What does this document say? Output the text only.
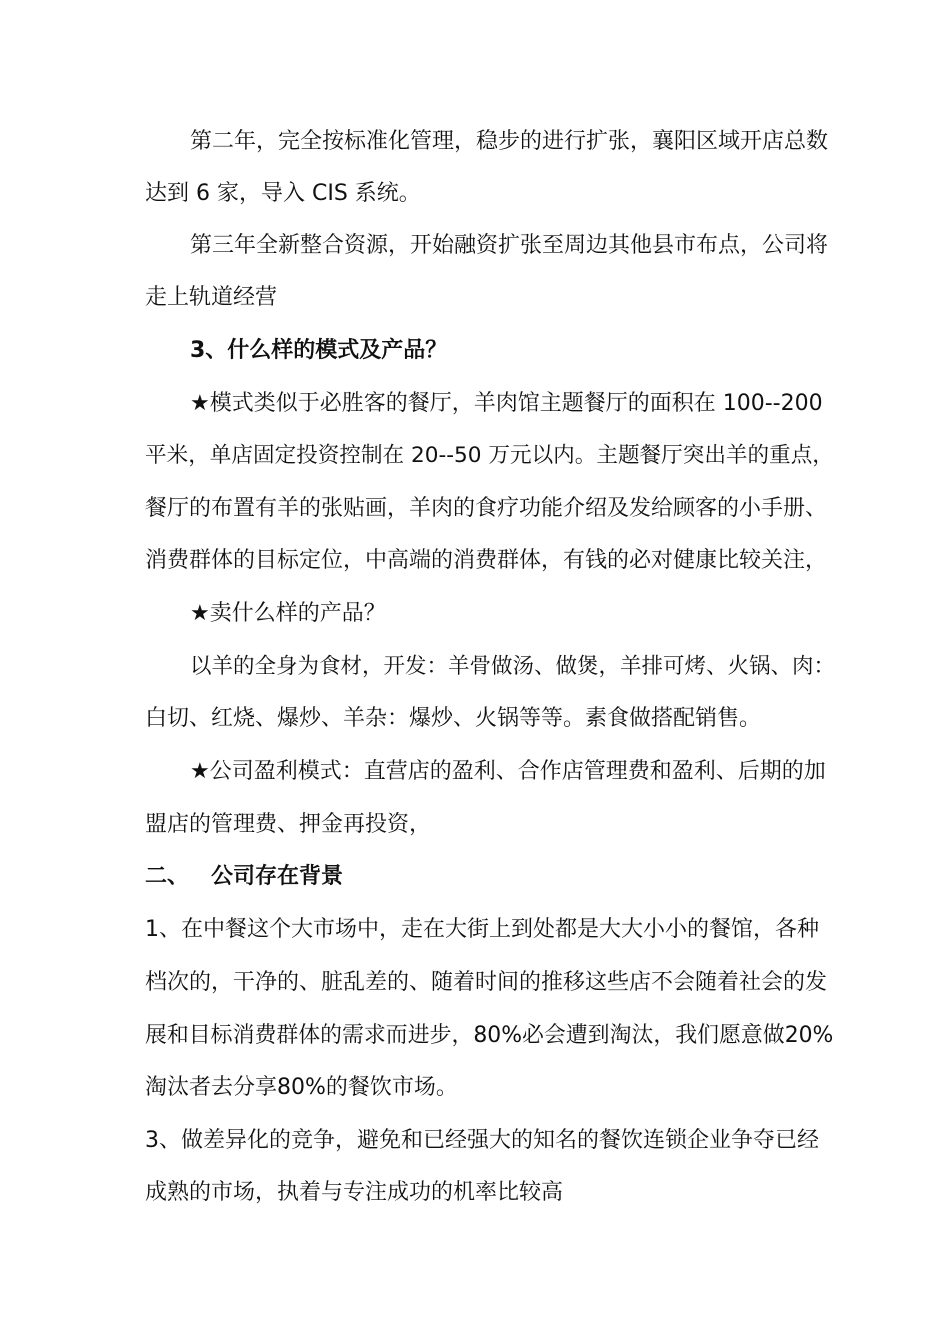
第二年，完全按标准化管理，稳步的进行扩张，襄阳区域开店总数
达到 6 家，导入 CIS 系统。
第三年全新整合资源，开始融资扩张至周边其他县市布点，公司将
走上轨道经营
3、什么样的模式及产品？
★模式类似于必胜客的餐厅，羊肉馆主题餐厅的面积在 100--200
平米，单店固定投资控制在 20--50 万元以内。主题餐厅突出羊的重点，
餐厅的布置有羊的张贴画，羊肉的食疗功能介绍及发给顾客的小手册、
消费群体的目标定位，中高端的消费群体，有钱的必对健康比较关注，
★卖什么样的产品？
以羊的全身为食材，开发：羊骨做汤、做煲，羊排可烤、火锅、肉：
白切、红烧、爆炒、羊杂：爆炒、火锅等等。素食做搭配销售。
★公司盈利模式：直营店的盈利、合作店管理费和盈利、后期的加
盟店的管理费、押金再投资，
二、 公司存在背景
1、在中餐这个大市场中，走在大街上到处都是大大小小的餐馆，各种
档次的，干净的、脏乱差的、随着时间的推移这些店不会随着社会的发
展和目标消费群体的需求而进步，80%必会遭到淘汰，我们愿意做20%
淘汰者去分享80%的餐饮市场。
3、做差异化的竞争，避免和已经强大的知名的餐饮连锁企业争夺已经
成熟的市场，执着与专注成功的机率比较高
